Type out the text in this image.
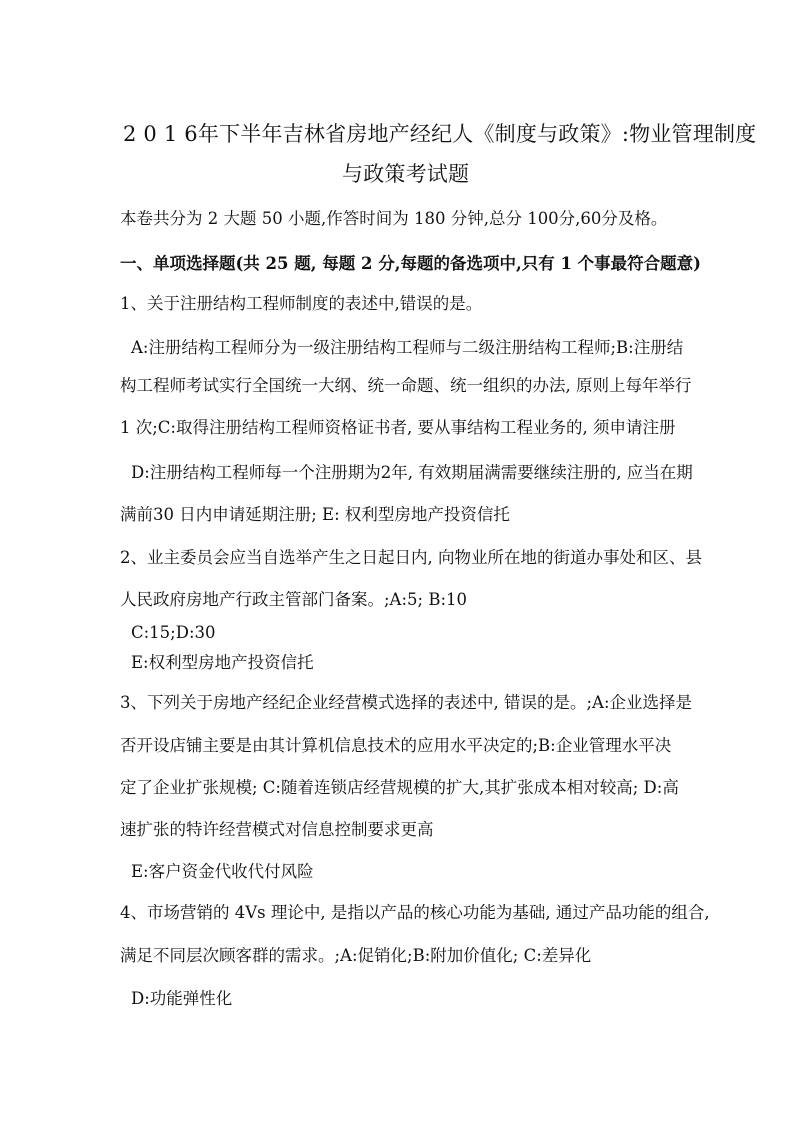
2 0 1 6年下半年吉林省房地产经纪人《制度与政策》:物业管理制度
与政策考试题
本卷共分为 2 大题 50 小题,作答时间为 180 分钟,总分 100分,60分及格。
一、单项选择题(共 25 题, 每题 2 分,每题的备选项中,只有 1 个事最符合题意)
1、关于注册结构工程师制度的表述中,错误的是。
A:注册结构工程师分为一级注册结构工程师与二级注册结构工程师;B:注册结
构工程师考试实行全国统一大纲、统一命题、统一组织的办法, 原则上每年举行
1 次;C:取得注册结构工程师资格证书者, 要从事结构工程业务的, 须申请注册
D:注册结构工程师每一个注册期为2年, 有效期届满需要继续注册的, 应当在期
满前30 日内申请延期注册; E: 权利型房地产投资信托
2、业主委员会应当自选举产生之日起日内, 向物业所在地的街道办事处和区、县
人民政府房地产行政主管部门备案。;A:5; B:10
C:15;D:30
E:权利型房地产投资信托
3、下列关于房地产经纪企业经营模式选择的表述中, 错误的是。;A:企业选择是
否开设店铺主要是由其计算机信息技术的应用水平决定的;B:企业管理水平决
定了企业扩张规模; C:随着连锁店经营规模的扩大,其扩张成本相对较高; D:高
速扩张的特许经营模式对信息控制要求更高
E:客户资金代收代付风险
4、市场营销的 4Vs 理论中, 是指以产品的核心功能为基础, 通过产品功能的组合,
满足不同层次顾客群的需求。;A:促销化;B:附加价值化; C:差异化
D:功能弹性化
